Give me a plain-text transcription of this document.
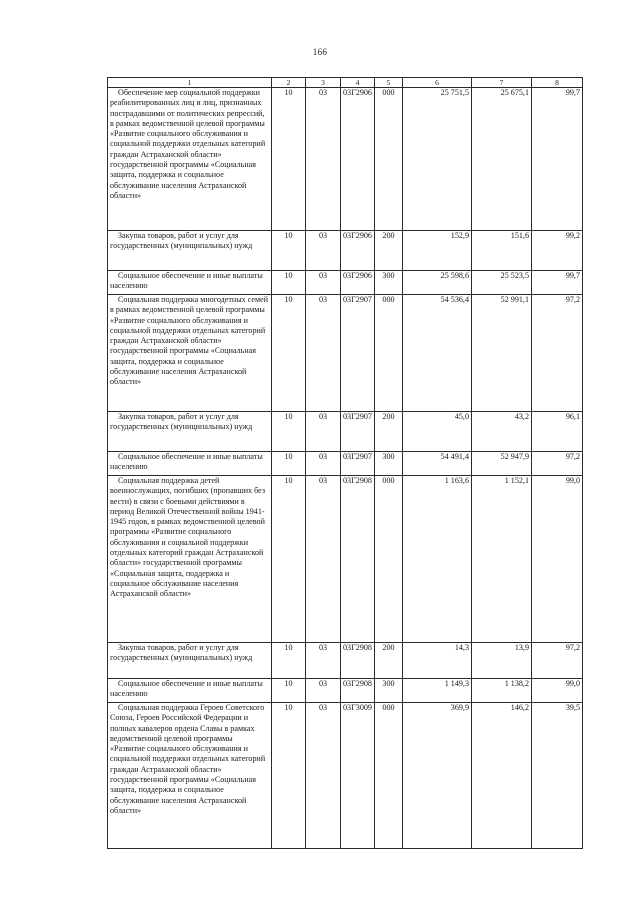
166
1	2	3	4	5	6	7	8

Обеспечение мер социальной поддержки реабилитированных лиц и лиц, признанных пострадавшими от политических репрессий, в рамках ведомственной целевой программы «Развитие социального обслуживания и социальной поддержки отдельных категорий граждан Астраханской области» государственной программы «Социальная защита, поддержка и социальное обслуживание населения Астраханской области»	10	03	03Г2906	000	25 751,5	25 675,1	99,7

Закупка товаров, работ и услуг для государственных (муниципальных) нужд	10	03	03Г2906	200	152,9	151,6	99,2

Социальное обеспечение и иные выплаты населению	10	03	03Г2906	300	25 598,6	25 523,5	99,7

Социальная поддержка многодетных семей в рамках ведомственной целевой программы «Развитие социального обслуживания и социальной поддержки отдельных категорий граждан Астраханской области» государственной программы «Социальная защита, поддержка и социальное обслуживание населения Астраханской области»	10	03	03Г2907	000	54 536,4	52 991,1	97,2

Закупка товаров, работ и услуг для государственных (муниципальных) нужд	10	03	03Г2907	200	45,0	43,2	96,1

Социальное обеспечение и иные выплаты населению	10	03	03Г2907	300	54 491,4	52 947,9	97,2

Социальная поддержка детей военнослужащих, погибших (пропавших без вести) в связи с боевыми действиями в период Великой Отечественной войны 1941-1945 годов, в рамках ведомственной целевой программы «Развитие социального обслуживания и социальной поддержки отдельных категорий граждан Астраханской области» государственной программы «Социальная защита, поддержка и социальное обслуживание населения Астраханской области»	10	03	03Г2908	000	1 163,6	1 152,1	99,0

Закупка товаров, работ и услуг для государственных (муниципальных) нужд	10	03	03Г2908	200	14,3	13,9	97,2

Социальное обеспечение и иные выплаты населению	10	03	03Г2908	300	1 149,3	1 138,2	99,0

Социальная поддержка Героев Советского Союза, Героев Российской Федерации и полных кавалеров ордена Славы в рамках ведомственной целевой программы «Развитие социального обслуживания и социальной поддержки отдельных категорий граждан Астраханской области» государственной программы «Социальная защита, поддержка и социальное обслуживание населения Астраханской области»	10	03	03Г3009	000	369,9	146,2	39,5
